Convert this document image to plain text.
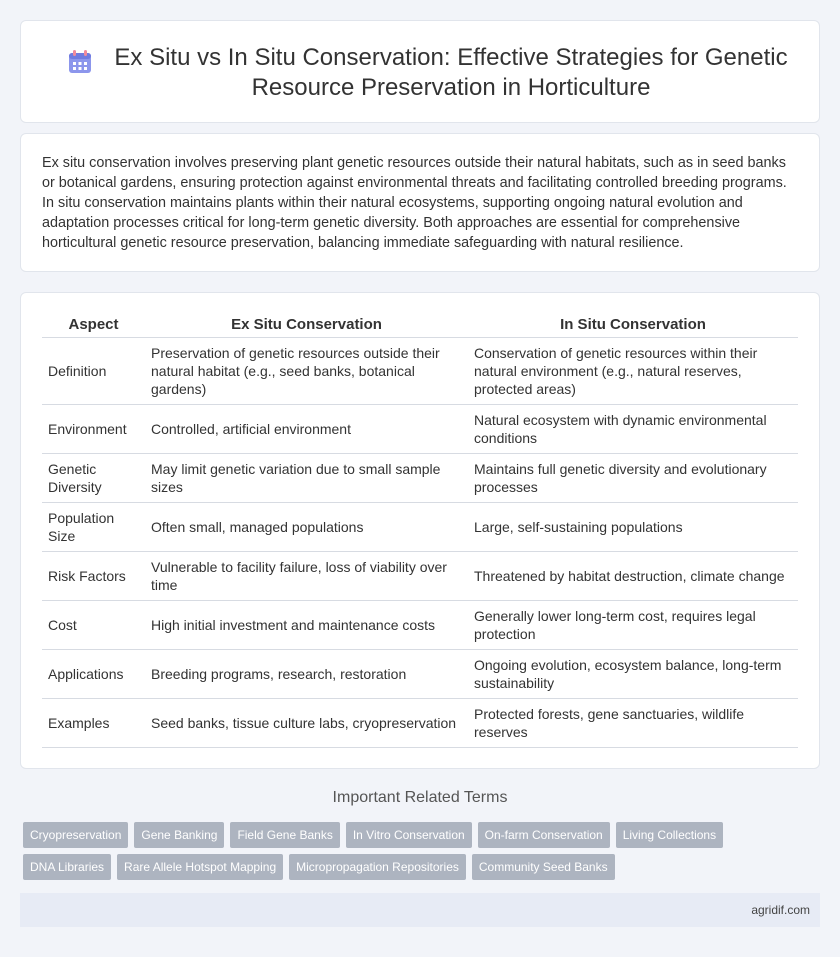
Ex Situ vs In Situ Conservation: Effective Strategies for Genetic Resource Preservation in Horticulture

Ex situ conservation involves preserving plant genetic resources outside their natural habitats, such as in seed banks or botanical gardens, ensuring protection against environmental threats and facilitating controlled breeding programs. In situ conservation maintains plants within their natural ecosystems, supporting ongoing natural evolution and adaptation processes critical for long-term genetic diversity. Both approaches are essential for comprehensive horticultural genetic resource preservation, balancing immediate safeguarding with natural resilience.

Aspect	Ex Situ Conservation	In Situ Conservation
Definition	Preservation of genetic resources outside their natural habitat (e.g., seed banks, botanical gardens)	Conservation of genetic resources within their natural environment (e.g., natural reserves, protected areas)
Environment	Controlled, artificial environment	Natural ecosystem with dynamic environmental conditions
Genetic Diversity	May limit genetic variation due to small sample sizes	Maintains full genetic diversity and evolutionary processes
Population Size	Often small, managed populations	Large, self-sustaining populations
Risk Factors	Vulnerable to facility failure, loss of viability over time	Threatened by habitat destruction, climate change
Cost	High initial investment and maintenance costs	Generally lower long-term cost, requires legal protection
Applications	Breeding programs, research, restoration	Ongoing evolution, ecosystem balance, long-term sustainability
Examples	Seed banks, tissue culture labs, cryopreservation	Protected forests, gene sanctuaries, wildlife reserves
Important Related Terms
Cryopreservation	Gene Banking	Field Gene Banks	In Vitro Conservation	On-farm Conservation	Living Collections
DNA Libraries	Rare Allele Hotspot Mapping	Micropropagation Repositories	Community Seed Banks
agridif.com
